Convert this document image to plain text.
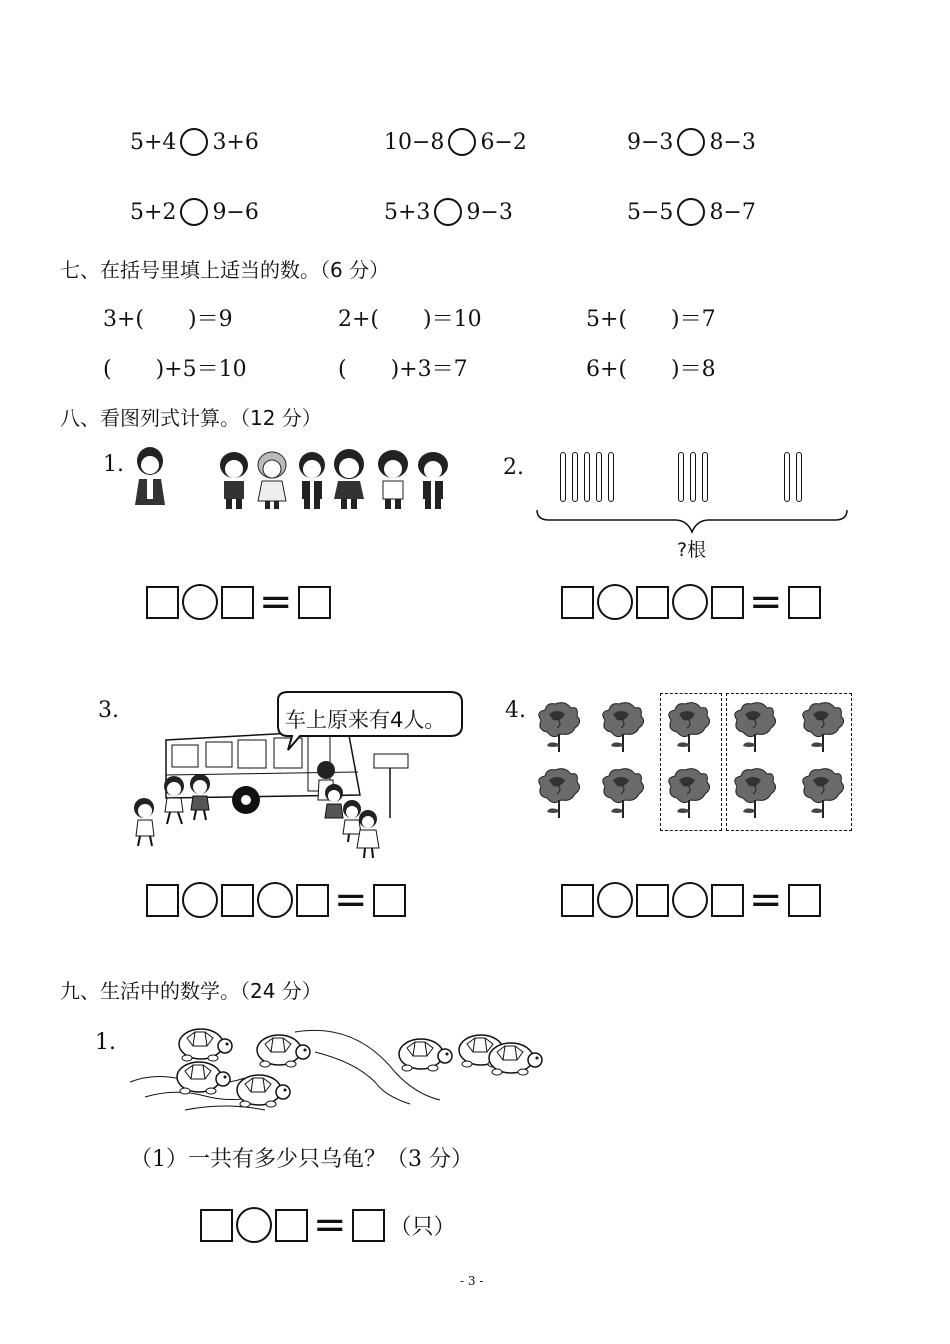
5+4 3+6	10−8 6−2	9−3 8−3
5+2 9−6	5+3 9−3	5−5 8−7
七、在括号里填上适当的数。（6 分）
3+(　　)＝9	2+(　　)＝10	5+(　　)＝7
(　　)+5＝10	(　　)+3＝7	6+(　　)＝8
八、看图列式计算。（12 分）
1.
=
2.
?根
=
3.	车上原来有4人。
=
4.
=
九、生活中的数学。（24 分）
1.
（1）一共有多少只乌龟？（3 分）
= （只）
- 3 -
